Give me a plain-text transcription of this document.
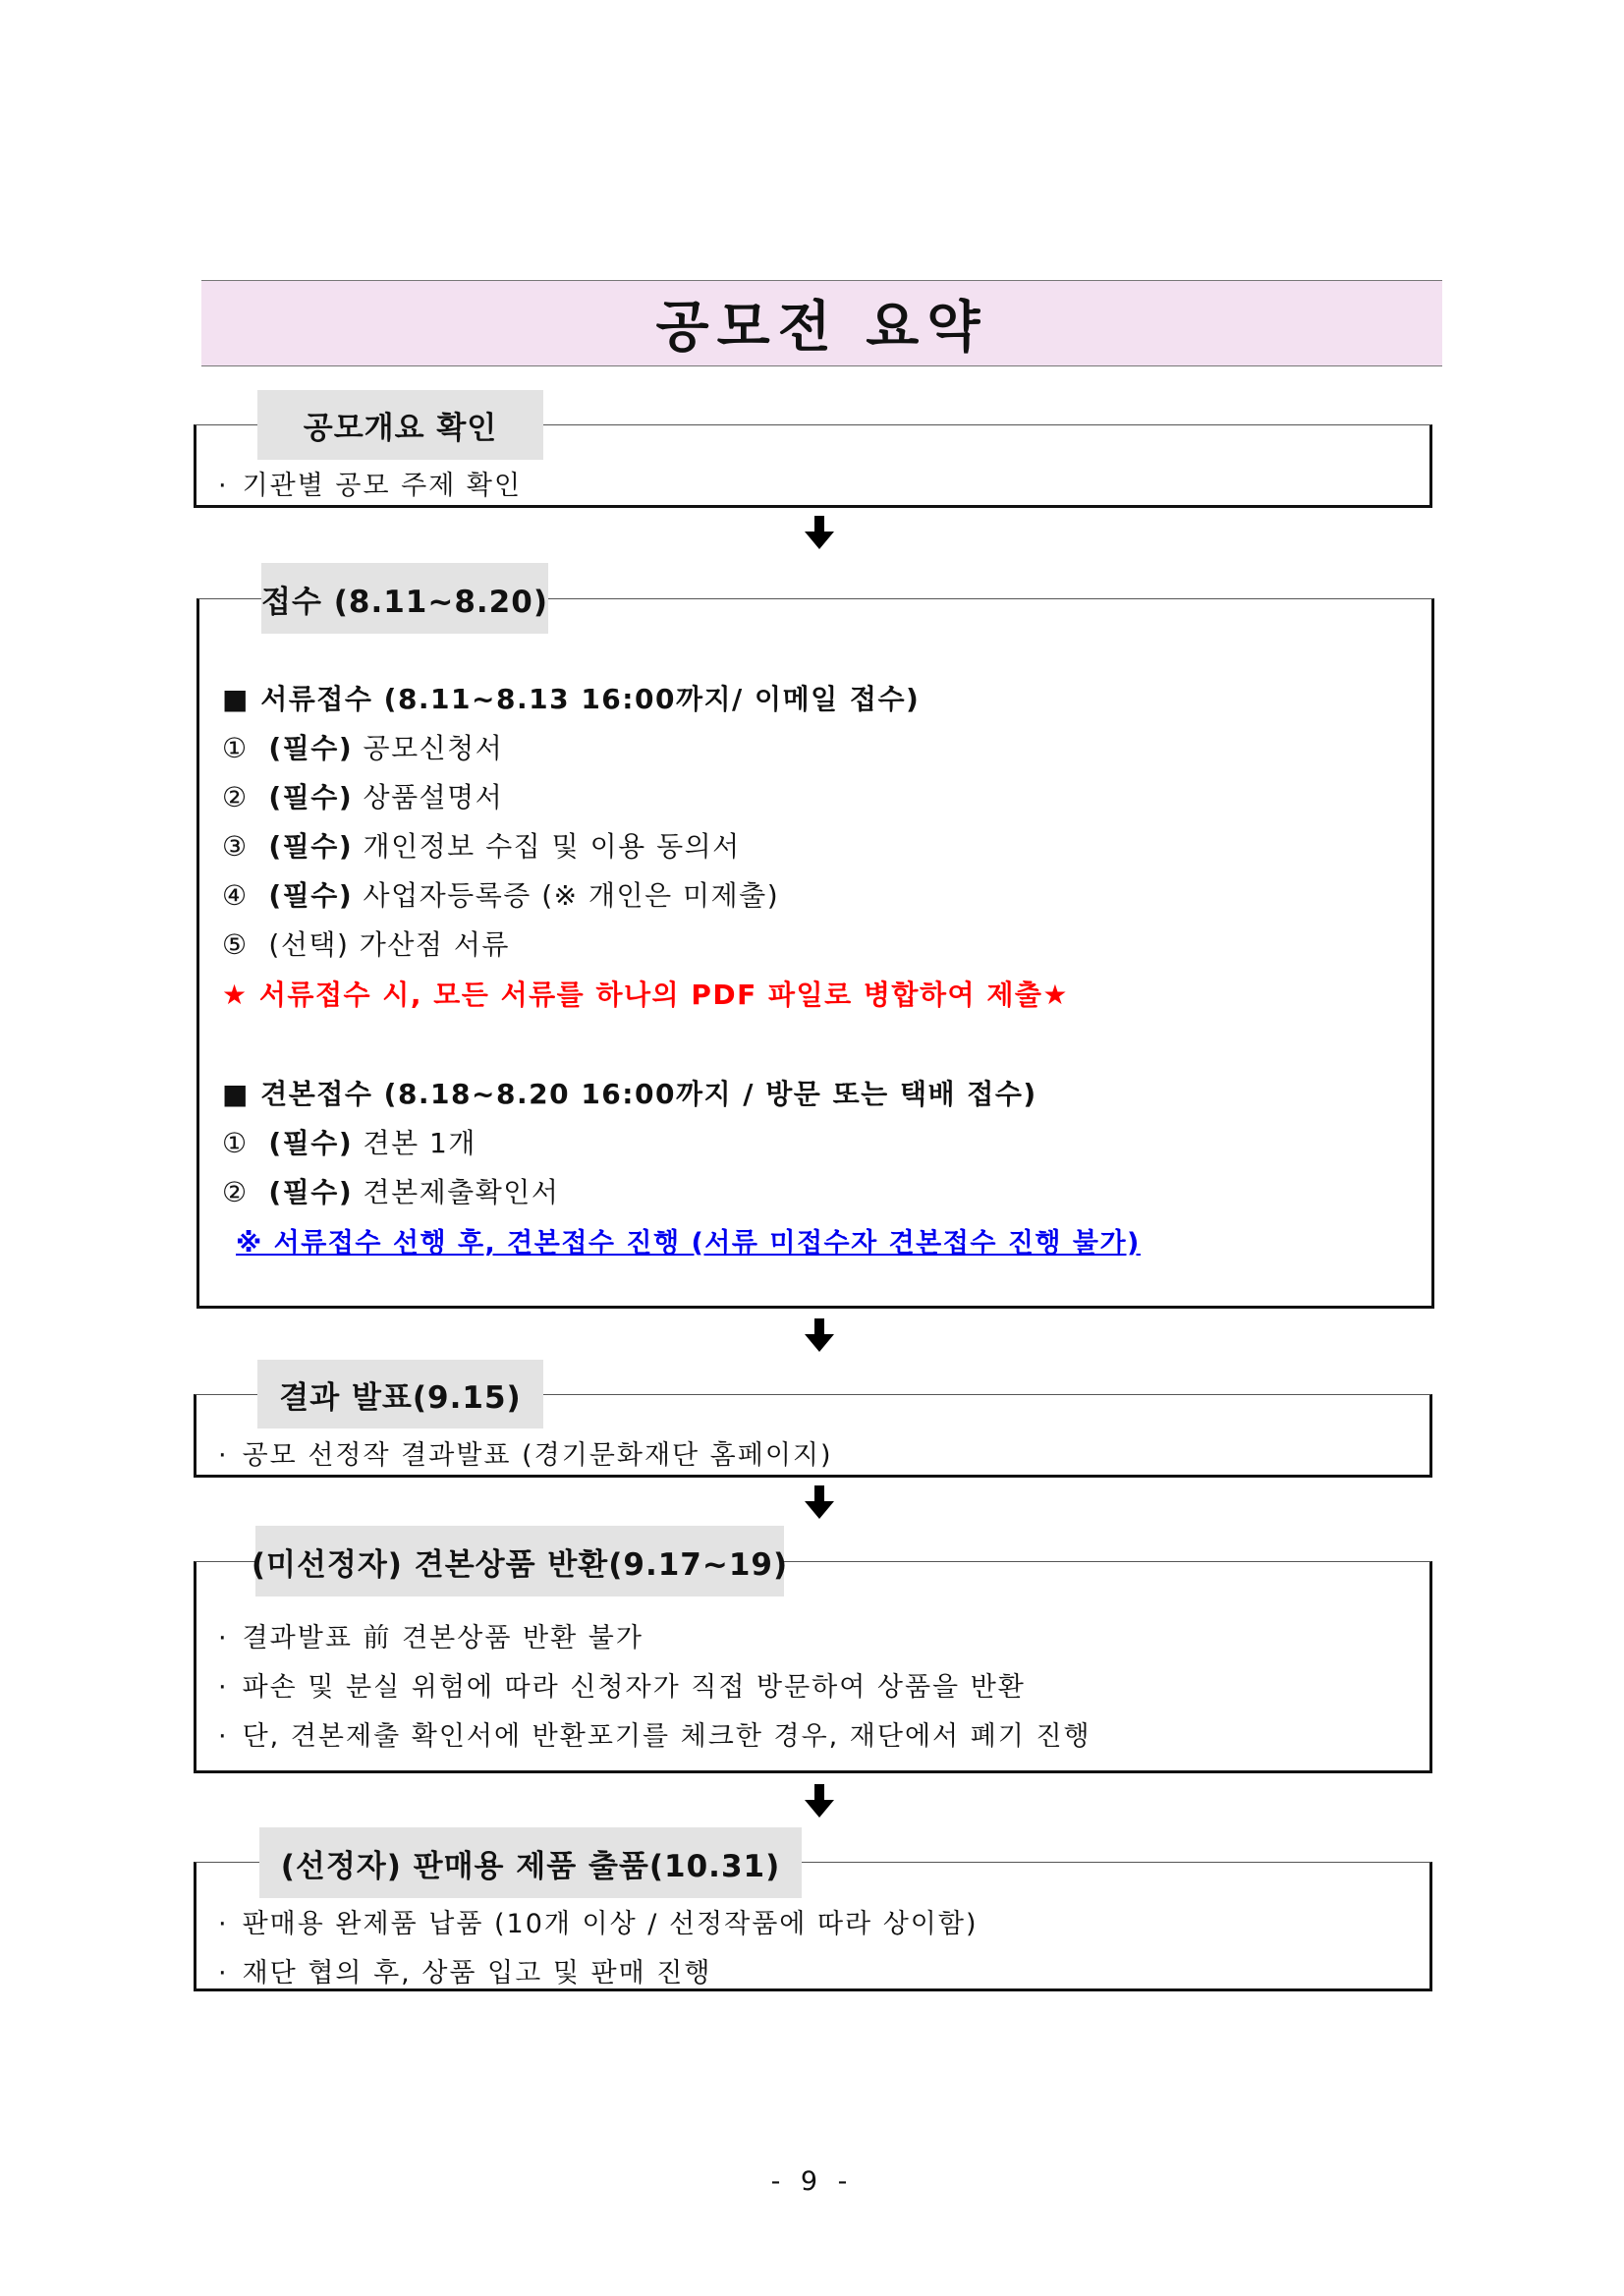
공모전 요약
공모개요 확인
· 기관별 공모 주제 확인
접수 (8.11~8.20)
■ 서류접수 (8.11~8.13 16:00까지/ 이메일 접수)
① (필수) 공모신청서
② (필수) 상품설명서
③ (필수) 개인정보 수집 및 이용 동의서
④ (필수) 사업자등록증 (※ 개인은 미제출)
⑤ (선택) 가산점 서류
★ 서류접수 시, 모든 서류를 하나의 PDF 파일로 병합하여 제출★
■ 견본접수 (8.18~8.20 16:00까지 / 방문 또는 택배 접수)
① (필수) 견본 1개
② (필수) 견본제출확인서
※ 서류접수 선행 후, 견본접수 진행 (서류 미접수자 견본접수 진행 불가)
결과 발표(9.15)
· 공모 선정작 결과발표 (경기문화재단 홈페이지)
(미선정자) 견본상품 반환(9.17~19)
· 결과발표 前 견본상품 반환 불가
· 파손 및 분실 위험에 따라 신청자가 직접 방문하여 상품을 반환
· 단, 견본제출 확인서에 반환포기를 체크한 경우, 재단에서 폐기 진행
(선정자) 판매용 제품 출품(10.31)
· 판매용 완제품 납품 (10개 이상 / 선정작품에 따라 상이함)
· 재단 협의 후, 상품 입고 및 판매 진행
- 9 -
